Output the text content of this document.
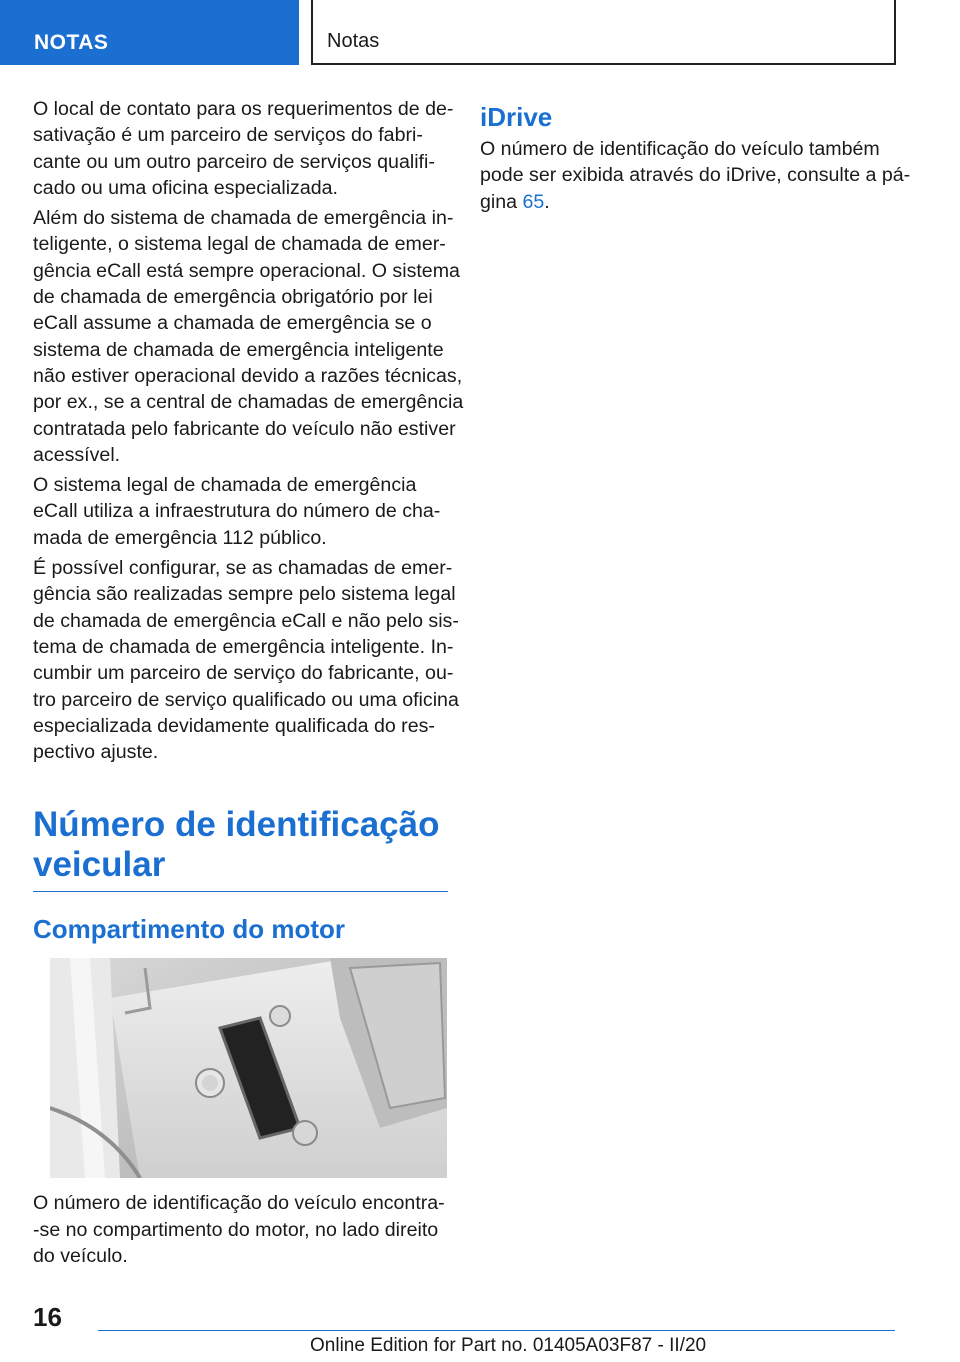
NOTAS	Notas
O local de contato para os requerimentos de de-
sativação é um parceiro de serviços do fabri-
cante ou um outro parceiro de serviços qualifi-
cado ou uma oficina especializada.
Além do sistema de chamada de emergência in-
teligente, o sistema legal de chamada de emer-
gência eCall está sempre operacional. O sistema
de chamada de emergência obrigatório por lei
eCall assume a chamada de emergência se o
sistema de chamada de emergência inteligente
não estiver operacional devido a razões técnicas,
por ex., se a central de chamadas de emergência
contratada pelo fabricante do veículo não estiver
acessível.
O sistema legal de chamada de emergência
eCall utiliza a infraestrutura do número de cha-
mada de emergência 112 público.
É possível configurar, se as chamadas de emer-
gência são realizadas sempre pelo sistema legal
de chamada de emergência eCall e não pelo sis-
tema de chamada de emergência inteligente. In-
cumbir um parceiro de serviço do fabricante, ou-
tro parceiro de serviço qualificado ou uma oficina
especializada devidamente qualificada do res-
pectivo ajuste.
Número de identificação
veicular
Compartimento do motor
O número de identificação do veículo encontra-
-se no compartimento do motor, no lado direito
do veículo.
iDrive
O número de identificação do veículo também
pode ser exibida através do iDrive, consulte a pá-
gina 65.
16
Online Edition for Part no. 01405A03F87 - II/20
